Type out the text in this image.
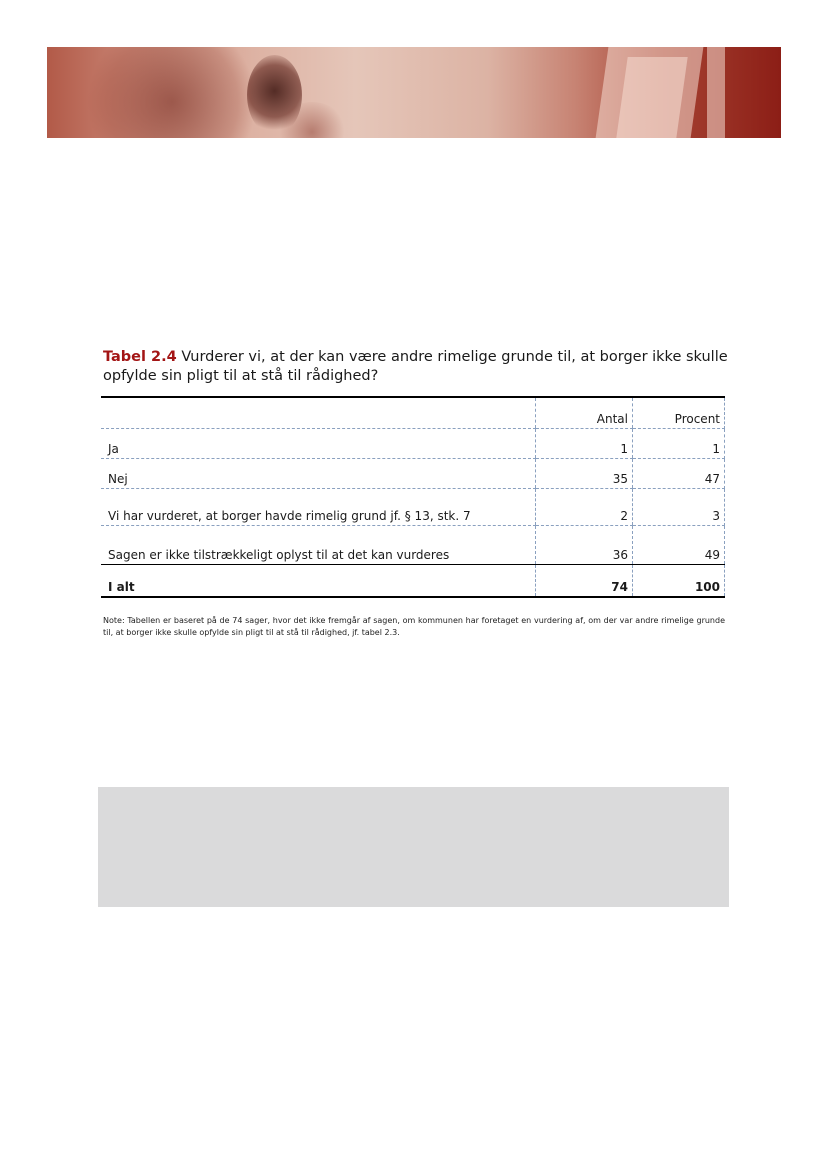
Tabel 2.4 Vurderer vi, at der kan være andre rimelige grunde til, at borger ikke skulle opfylde sin pligt til at stå til rådighed?
	Antal	Procent
Ja	1	1
Nej	35	47
Vi har vurderet, at borger havde rimelig grund jf. § 13, stk. 7	2	3
Sagen er ikke tilstrækkeligt oplyst til at det kan vurderes	36	49
I alt	74	100
Note: Tabellen er baseret på de 74 sager, hvor det ikke fremgår af sagen, om kommunen har foretaget en vurdering af, om der var andre rimelige grunde til, at borger ikke skulle opfylde sin pligt til at stå til rådighed, jf. tabel 2.3.
